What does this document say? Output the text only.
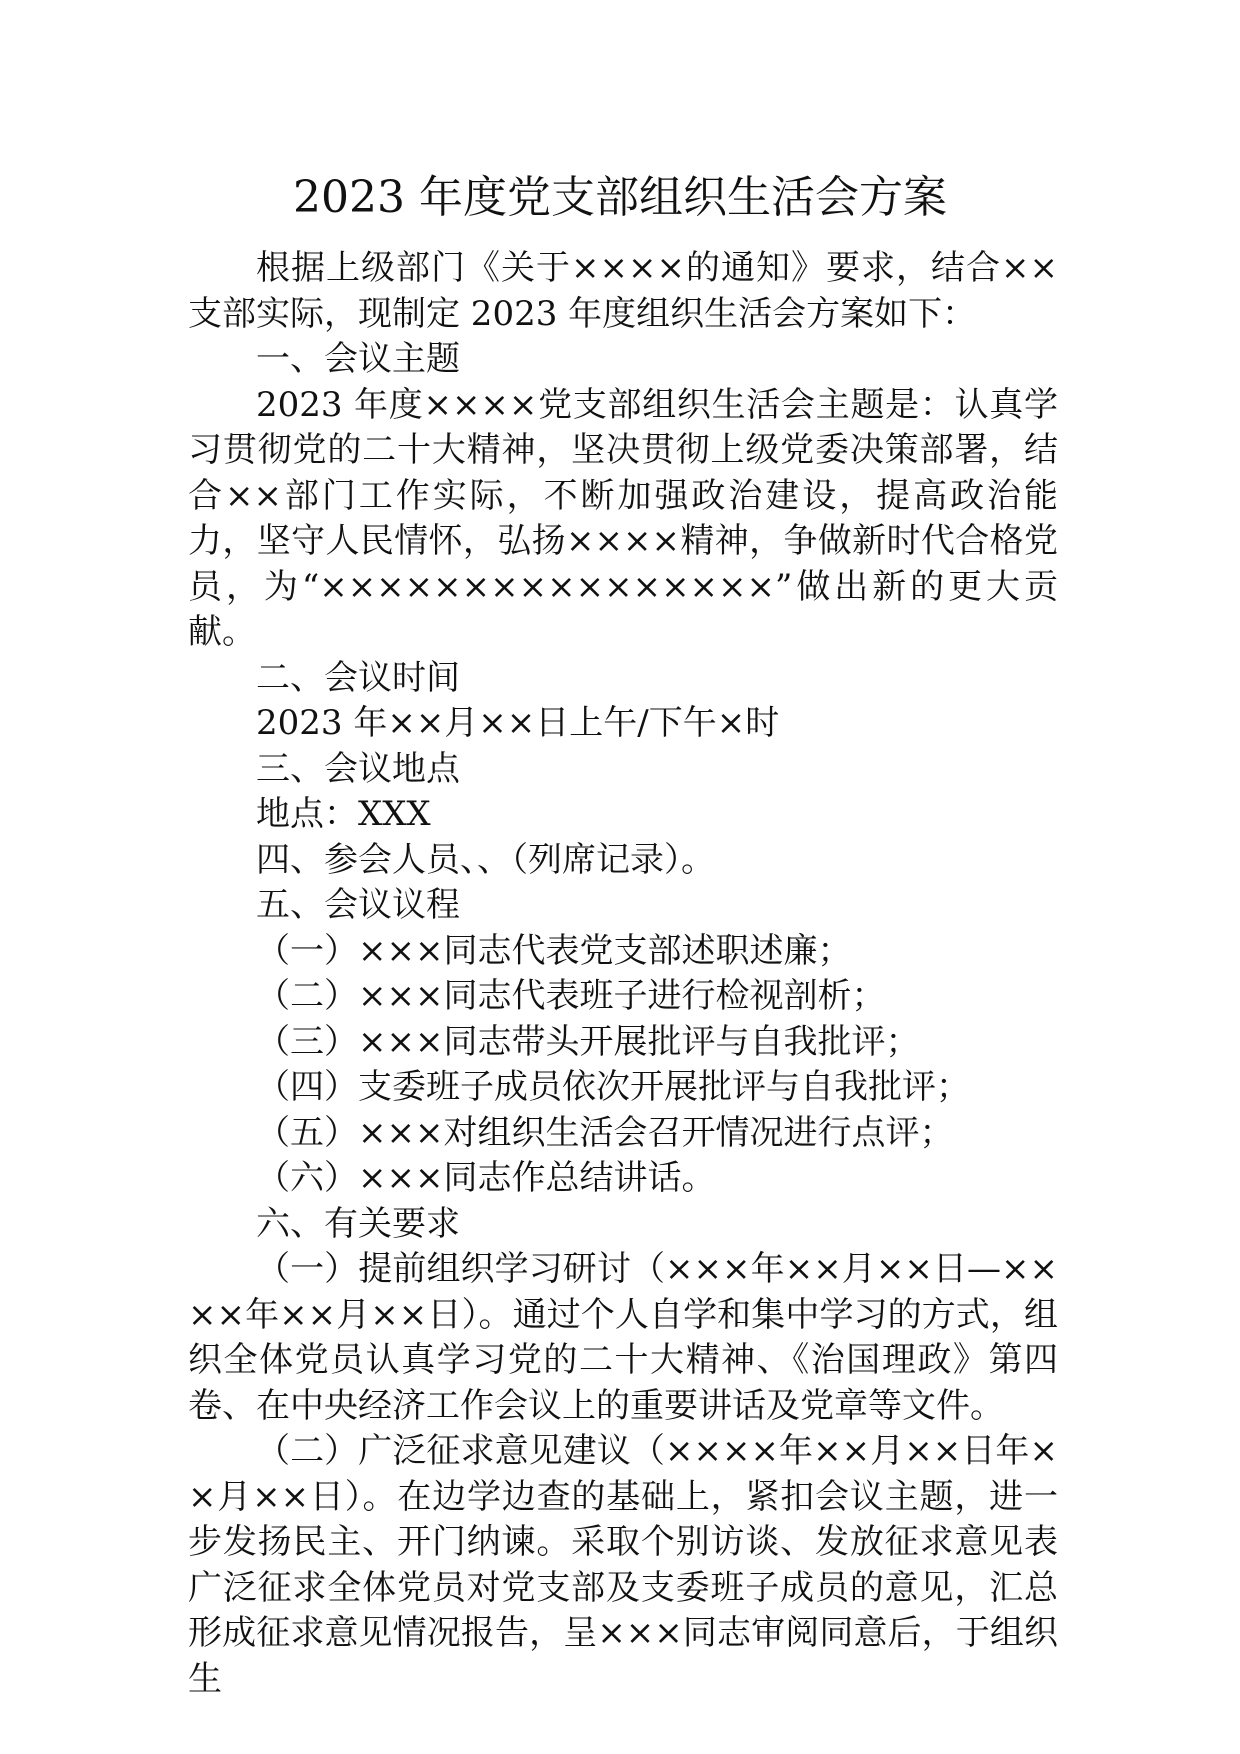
2023 年度党支部组织生活会方案

根据上级部门《关于××××的通知》要求，结合××支部实际，现制定 2023 年度组织生活会方案如下：

一、会议主题

2023 年度××××党支部组织生活会主题是：认真学习贯彻党的二十大精神，坚决贯彻上级党委决策部署，结合××部门工作实际，不断加强政治建设，提高政治能力，坚守人民情怀，弘扬××××精神，争做新时代合格党员，为“××××××××××××××××”做出新的更大贡献。

二、会议时间

2023 年××月××日上午/下午×时

三、会议地点

地点：XXX

四、参会人员、、（列席记录）。

五、会议议程

（一）×××同志代表党支部述职述廉；

（二）×××同志代表班子进行检视剖析；

（三）×××同志带头开展批评与自我批评；

（四）支委班子成员依次开展批评与自我批评；

（五）×××对组织生活会召开情况进行点评；

（六）×××同志作总结讲话。

六、有关要求

（一）提前组织学习研讨（×××年××月××日—××××年××月××日）。通过个人自学和集中学习的方式，组织全体党员认真学习党的二十大精神、《治国理政》第四卷、在中央经济工作会议上的重要讲话及党章等文件。

（二）广泛征求意见建议（××××年××月××日年××月××日）。在边学边查的基础上，紧扣会议主题，进一步发扬民主、开门纳谏。采取个别访谈、发放征求意见表广泛征求全体党员对党支部及支委班子成员的意见，汇总形成征求意见情况报告，呈×××同志审阅同意后，于组织生
